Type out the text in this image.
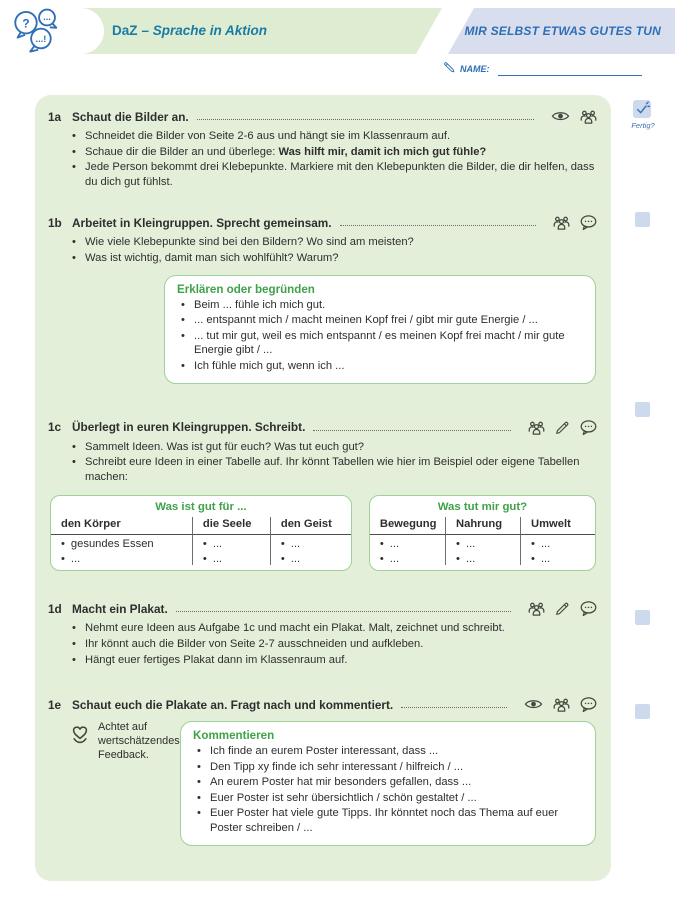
? ...
...!
DaZ – Sprache in Aktion	MIR SELBST ETWAS GUTES TUN
NAME:
Fertig?
1a Schaut die Bilder an.
• Schneidet die Bilder von Seite 2-6 aus und hängt sie im Klassenraum auf.
• Schaue dir die Bilder an und überlege: Was hilft mir, damit ich mich gut fühle?
• Jede Person bekommt drei Klebepunkte. Markiere mit den Klebepunkten die Bilder, die dir helfen, dass du dich gut fühlst.
1b Arbeitet in Kleingruppen. Sprecht gemeinsam.
• Wie viele Klebepunkte sind bei den Bildern? Wo sind am meisten?
• Was ist wichtig, damit man sich wohlfühlt? Warum?
Erklären oder begründen
• Beim ... fühle ich mich gut.
• ... entspannt mich / macht meinen Kopf frei / gibt mir gute Energie / ...
• ... tut mir gut, weil es mich entspannt / es meinen Kopf frei macht / mir gute Energie gibt / ...
• Ich fühle mich gut, wenn ich ...
1c Überlegt in euren Kleingruppen. Schreibt.
• Sammelt Ideen. Was ist gut für euch? Was tut euch gut?
• Schreibt eure Ideen in einer Tabelle auf. Ihr könnt Tabellen wie hier im Beispiel oder eigene Tabellen machen:
Was ist gut für ...
den Körper	die Seele	den Geist
• gesundes Essen	• ...	• ...
• ...	• ...	• ...
Was tut mir gut?
Bewegung	Nahrung	Umwelt
• ...	• ...	• ...
• ...	• ...	• ...
1d Macht ein Plakat.
• Nehmt eure Ideen aus Aufgabe 1c und macht ein Plakat. Malt, zeichnet und schreibt.
• Ihr könnt auch die Bilder von Seite 2-7 ausschneiden und aufkleben.
• Hängt euer fertiges Plakat dann im Klassenraum auf.
1e Schaut euch die Plakate an. Fragt nach und kommentiert.
Achtet auf wertschätzendes Feedback.
Kommentieren
• Ich finde an eurem Poster interessant, dass ...
• Den Tipp xy finde ich sehr interessant / hilfreich / ...
• An eurem Poster hat mir besonders gefallen, dass ...
• Euer Poster ist sehr übersichtlich / schön gestaltet / ...
• Euer Poster hat viele gute Tipps. Ihr könntet noch das Thema auf euer Poster schreiben / ...
